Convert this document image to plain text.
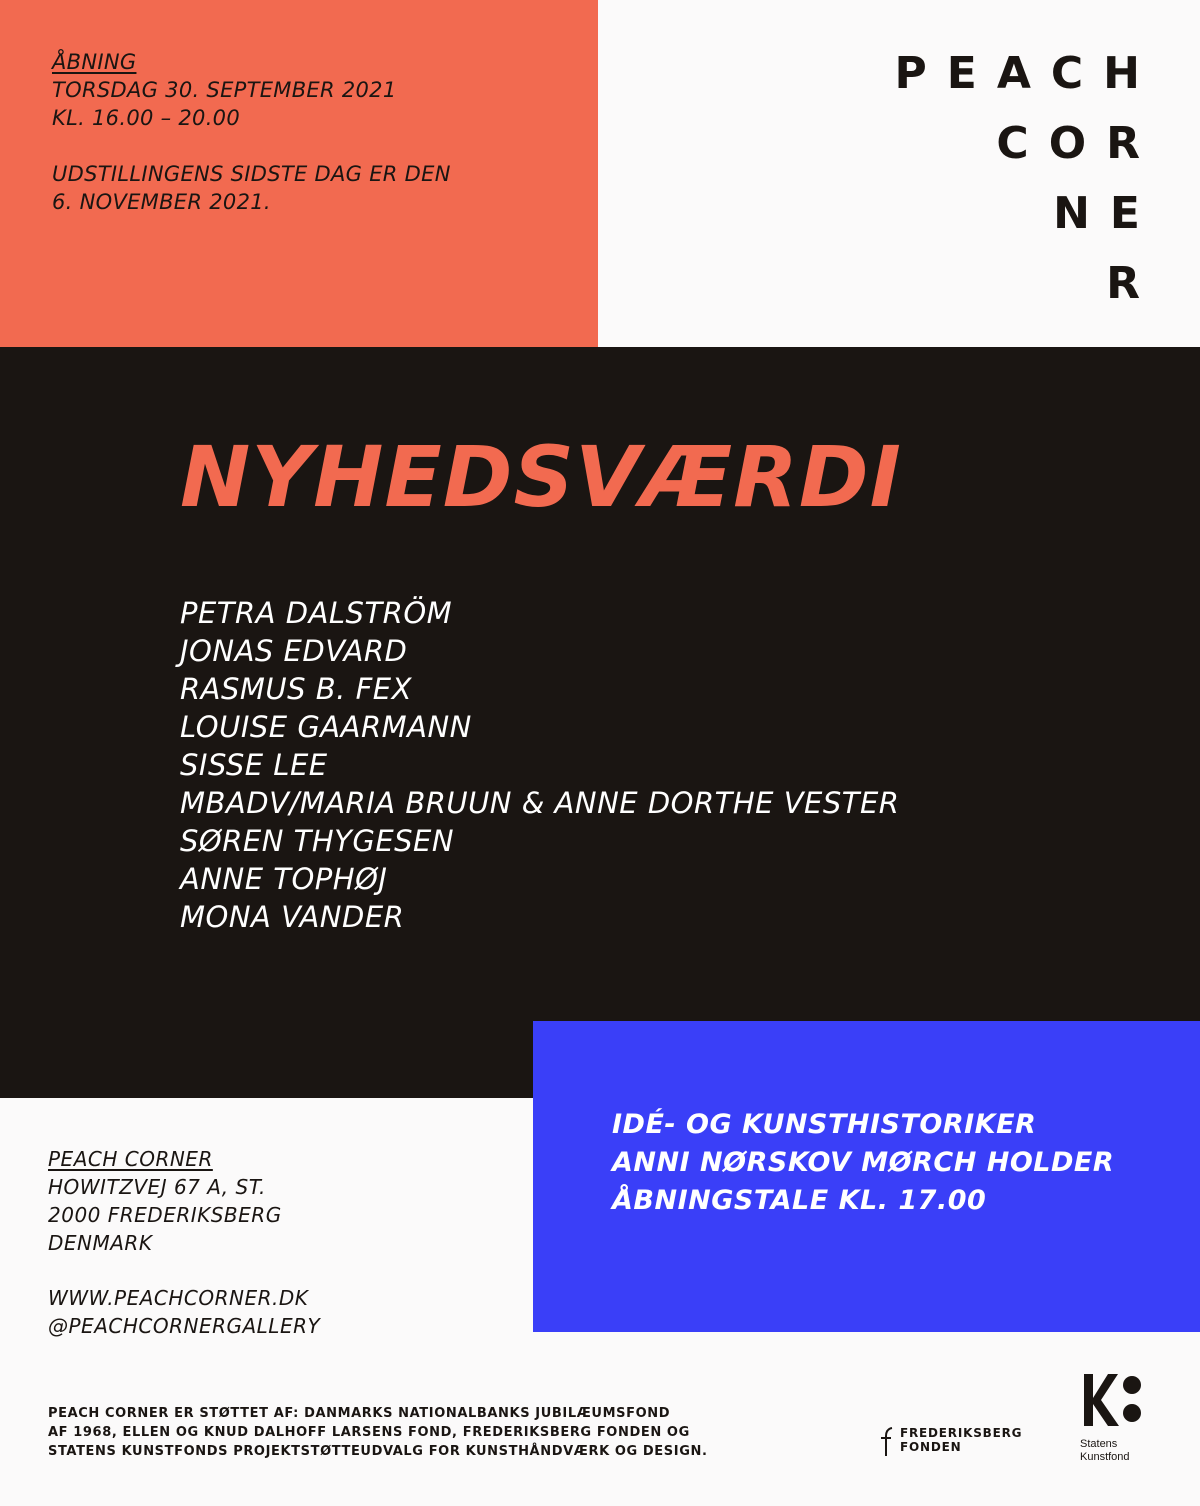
ÅBNING
TORSDAG 30. SEPTEMBER 2021
KL. 16.00 – 20.00
UDSTILLINGENS SIDSTE DAG ER DEN
6. NOVEMBER 2021.
PEACH
COR
NE
R
NYHEDSVÆRDI
PETRA DALSTRÖM
JONAS EDVARD
RASMUS B. FEX
LOUISE GAARMANN
SISSE LEE
MBADV/MARIA BRUUN & ANNE DORTHE VESTER
SØREN THYGESEN
ANNE TOPHØJ
MONA VANDER
IDÉ- OG KUNSTHISTORIKER
ANNI NØRSKOV MØRCH HOLDER
ÅBNINGSTALE KL. 17.00
PEACH CORNER
HOWITZVEJ 67 A, ST.
2000 FREDERIKSBERG
DENMARK
WWW.PEACHCORNER.DK
@PEACHCORNERGALLERY
PEACH CORNER ER STØTTET AF: DANMARKS NATIONALBANKS JUBILÆUMSFOND
AF 1968, ELLEN OG KNUD DALHOFF LARSENS FOND, FREDERIKSBERG FONDEN OG
STATENS KUNSTFONDS PROJEKTSTØTTEUDVALG FOR KUNSTHÅNDVÆRK OG DESIGN.
FREDERIKSBERG
FONDEN	Statens
Kunstfond
